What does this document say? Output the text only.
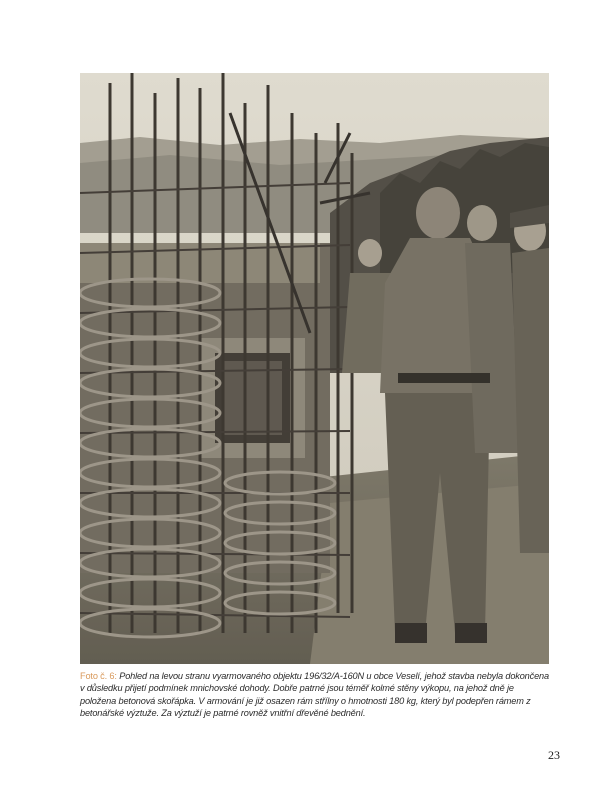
Foto č. 6: Pohled na levou stranu vyarmovaného objektu 196/32/A-160N u obce Veselí, jehož stavba nebyla dokončena v důsledku přijetí podmínek mnichovské dohody. Dobře patrné jsou téměř kolmé stěny výkopu, na jehož dně je položena betonová skořápka. V armování je již osazen rám střílny o hmotnosti 180 kg, který byl podepřen rámem z betonářské výztuže. Za výztuží je patrné rovněž vnitřní dřevěné bednění.
23
